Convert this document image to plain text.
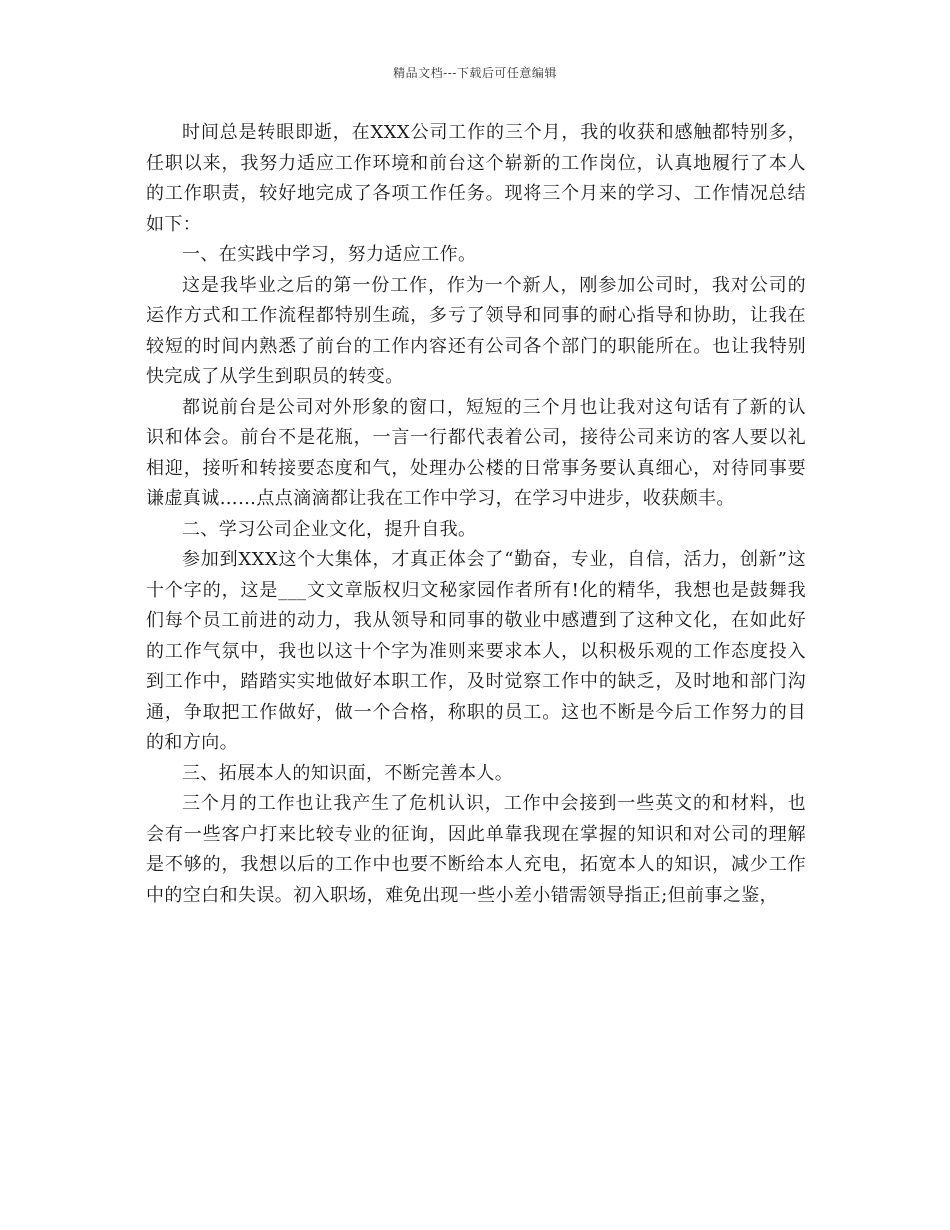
精品文档---下载后可任意编辑

时间总是转眼即逝，在XXX公司工作的三个月，我的收获和感触都特别多，任职以来，我努力适应工作环境和前台这个崭新的工作岗位，认真地履行了本人的工作职责，较好地完成了各项工作任务。现将三个月来的学习、工作情况总结如下：

一、在实践中学习，努力适应工作。

这是我毕业之后的第一份工作，作为一个新人，刚参加公司时，我对公司的运作方式和工作流程都特别生疏，多亏了领导和同事的耐心指导和协助，让我在较短的时间内熟悉了前台的工作内容还有公司各个部门的职能所在。也让我特别快完成了从学生到职员的转变。

都说前台是公司对外形象的窗口，短短的三个月也让我对这句话有了新的认识和体会。前台不是花瓶，一言一行都代表着公司，接待公司来访的客人要以礼相迎，接听和转接要态度和气，处理办公楼的日常事务要认真细心，对待同事要谦虚真诚……点点滴滴都让我在工作中学习，在学习中进步，收获颇丰。

二、学习公司企业文化，提升自我。

参加到XXX这个大集体，才真正体会了“勤奋，专业，自信，活力，创新”这十个字的，这是___文文章版权归文秘家园作者所有!化的精华，我想也是鼓舞我们每个员工前进的动力，我从领导和同事的敬业中感遭到了这种文化，在如此好的工作气氛中，我也以这十个字为准则来要求本人，以积极乐观的工作态度投入到工作中，踏踏实实地做好本职工作，及时觉察工作中的缺乏，及时地和部门沟通，争取把工作做好，做一个合格，称职的员工。这也不断是今后工作努力的目的和方向。

三、拓展本人的知识面，不断完善本人。

三个月的工作也让我产生了危机认识，工作中会接到一些英文的和材料，也会有一些客户打来比较专业的征询，因此单靠我现在掌握的知识和对公司的理解是不够的，我想以后的工作中也要不断给本人充电，拓宽本人的知识，减少工作中的空白和失误。初入职场，难免出现一些小差小错需领导指正;但前事之鉴，
